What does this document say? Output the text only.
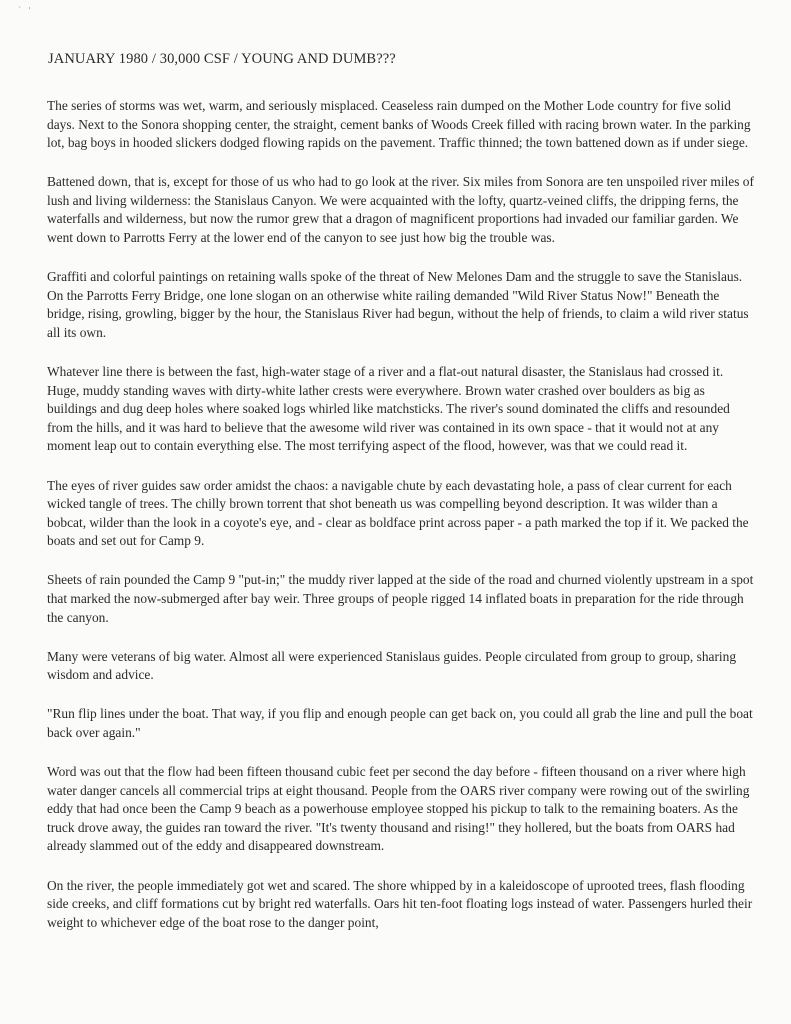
` '
JANUARY 1980 / 30,000 CSF / YOUNG AND DUMB???

The series of storms was wet, warm, and seriously misplaced. Ceaseless rain dumped on the Mother Lode country for five solid days. Next to the Sonora shopping center, the straight, cement banks of Woods Creek filled with racing brown water. In the parking lot, bag boys in hooded slickers dodged flowing rapids on the pavement. Traffic thinned; the town battened down as if under siege.

Battened down, that is, except for those of us who had to go look at the river. Six miles from Sonora are ten unspoiled river miles of lush and living wilderness: the Stanislaus Canyon. We were acquainted with the lofty, quartz-veined cliffs, the dripping ferns, the waterfalls and wilderness, but now the rumor grew that a dragon of magnificent proportions had invaded our familiar garden. We went down to Parrotts Ferry at the lower end of the canyon to see just how big the trouble was.

Graffiti and colorful paintings on retaining walls spoke of the threat of New Melones Dam and the struggle to save the Stanislaus. On the Parrotts Ferry Bridge, one lone slogan on an otherwise white railing demanded "Wild River Status Now!" Beneath the bridge, rising, growling, bigger by the hour, the Stanislaus River had begun, without the help of friends, to claim a wild river status all its own.

Whatever line there is between the fast, high-water stage of a river and a flat-out natural disaster, the Stanislaus had crossed it. Huge, muddy standing waves with dirty-white lather crests were everywhere. Brown water crashed over boulders as big as buildings and dug deep holes where soaked logs whirled like matchsticks. The river's sound dominated the cliffs and resounded from the hills, and it was hard to believe that the awesome wild river was contained in its own space - that it would not at any moment leap out to contain everything else. The most terrifying aspect of the flood, however, was that we could read it.

The eyes of river guides saw order amidst the chaos: a navigable chute by each devastating hole, a pass of clear current for each wicked tangle of trees. The chilly brown torrent that shot beneath us was compelling beyond description. It was wilder than a bobcat, wilder than the look in a coyote's eye, and - clear as boldface print across paper - a path marked the top if it. We packed the boats and set out for Camp 9.

Sheets of rain pounded the Camp 9 "put-in;" the muddy river lapped at the side of the road and churned violently upstream in a spot that marked the now-submerged after bay weir. Three groups of people rigged 14 inflated boats in preparation for the ride through the canyon.

Many were veterans of big water. Almost all were experienced Stanislaus guides. People circulated from group to group, sharing wisdom and advice.

"Run flip lines under the boat. That way, if you flip and enough people can get back on, you could all grab the line and pull the boat back over again."

Word was out that the flow had been fifteen thousand cubic feet per second the day before - fifteen thousand on a river where high water danger cancels all commercial trips at eight thousand. People from the OARS river company were rowing out of the swirling eddy that had once been the Camp 9 beach as a powerhouse employee stopped his pickup to talk to the remaining boaters. As the truck drove away, the guides ran toward the river. "It's twenty thousand and rising!" they hollered, but the boats from OARS had already slammed out of the eddy and disappeared downstream.

On the river, the people immediately got wet and scared. The shore whipped by in a kaleidoscope of uprooted trees, flash flooding side creeks, and cliff formations cut by bright red waterfalls. Oars hit ten-foot floating logs instead of water. Passengers hurled their weight to whichever edge of the boat rose to the danger point,
